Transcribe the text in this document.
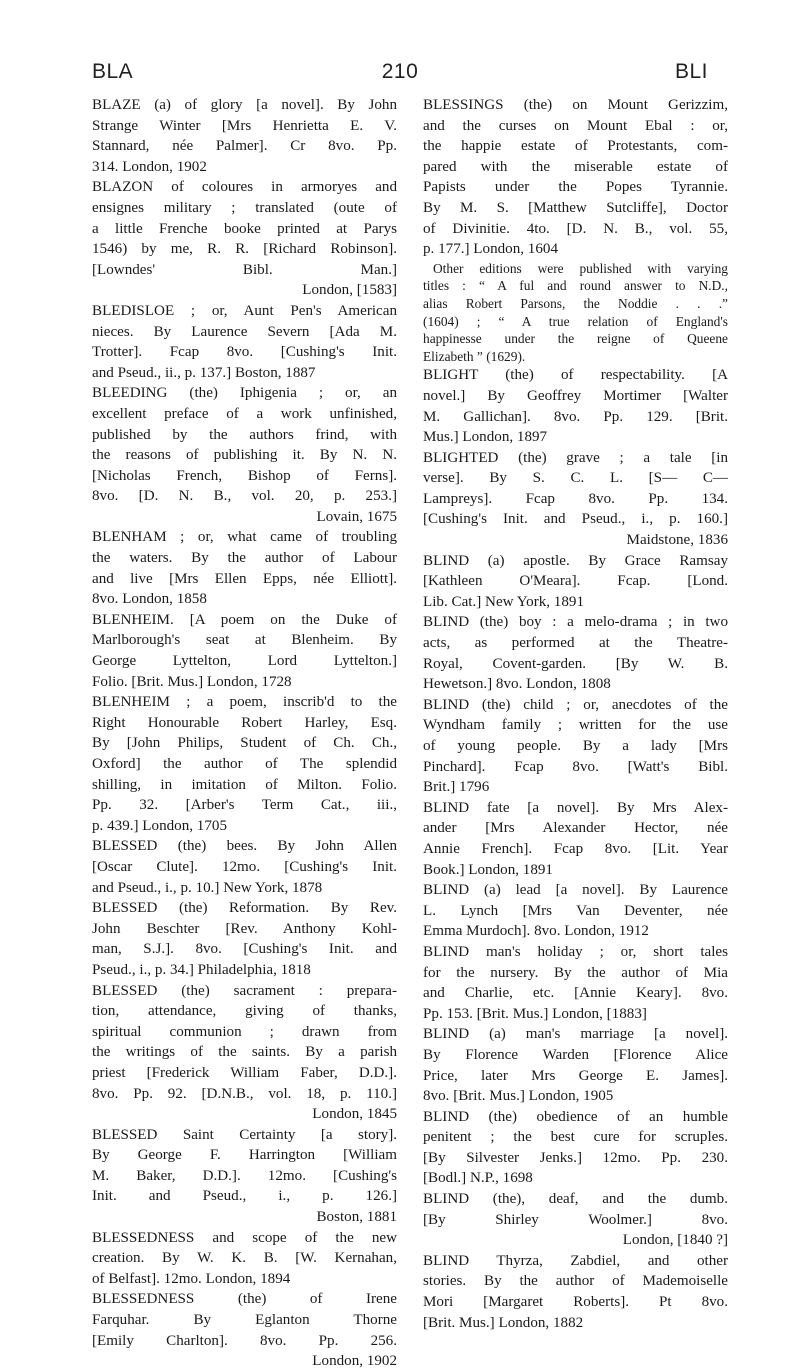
BLA	210	BLI
BLAZE (a) of glory [a novel]. By John
Strange Winter [Mrs Henrietta E. V.
Stannard, née Palmer]. Cr 8vo. Pp.
314. London, 1902
BLAZON of coloures in armoryes and
ensignes military ; translated (oute of
a little Frenche booke printed at Parys
1546) by me, R. R. [Richard Robinson].
[Lowndes' Bibl. Man.]
London, [1583]
BLEDISLOE ; or, Aunt Pen's American
nieces. By Laurence Severn [Ada M.
Trotter]. Fcap 8vo. [Cushing's Init.
and Pseud., ii., p. 137.] Boston, 1887
BLEEDING (the) Iphigenia ; or, an
excellent preface of a work unfinished,
published by the authors frind, with
the reasons of publishing it. By N. N.
[Nicholas French, Bishop of Ferns].
8vo. [D. N. B., vol. 20, p. 253.]
Lovain, 1675
BLENHAM ; or, what came of troubling
the waters. By the author of Labour
and live [Mrs Ellen Epps, née Elliott].
8vo. London, 1858
BLENHEIM. [A poem on the Duke of
Marlborough's seat at Blenheim. By
George Lyttelton, Lord Lyttelton.]
Folio. [Brit. Mus.] London, 1728
BLENHEIM ; a poem, inscrib'd to the
Right Honourable Robert Harley, Esq.
By [John Philips, Student of Ch. Ch.,
Oxford] the author of The splendid
shilling, in imitation of Milton. Folio.
Pp. 32. [Arber's Term Cat., iii.,
p. 439.] London, 1705
BLESSED (the) bees. By John Allen
[Oscar Clute]. 12mo. [Cushing's Init.
and Pseud., i., p. 10.] New York, 1878
BLESSED (the) Reformation. By Rev.
John Beschter [Rev. Anthony Kohl-
man, S.J.]. 8vo. [Cushing's Init. and
Pseud., i., p. 34.] Philadelphia, 1818
BLESSED (the) sacrament : prepara-
tion, attendance, giving of thanks,
spiritual communion ; drawn from
the writings of the saints. By a parish
priest [Frederick William Faber, D.D.].
8vo. Pp. 92. [D.N.B., vol. 18, p. 110.]
London, 1845
BLESSED Saint Certainty [a story].
By George F. Harrington [William
M. Baker, D.D.]. 12mo. [Cushing's
Init. and Pseud., i., p. 126.]
Boston, 1881
BLESSEDNESS and scope of the new
creation. By W. K. B. [W. Kernahan,
of Belfast]. 12mo. London, 1894
BLESSEDNESS (the) of Irene
Farquhar. By Eglanton Thorne
[Emily Charlton]. 8vo. Pp. 256.
London, 1902
BLESSINGS (the) on Mount Gerizzim,
and the curses on Mount Ebal : or,
the happie estate of Protestants, com-
pared with the miserable estate of
Papists under the Popes Tyrannie.
By M. S. [Matthew Sutcliffe], Doctor
of Divinitie. 4to. [D. N. B., vol. 55,
p. 177.] London, 1604
Other editions were published with varying
titles : “ A ful and round answer to N.D.,
alias Robert Parsons, the Noddie . . .”
(1604) ; “ A true relation of England's
happinesse under the reigne of Queene
Elizabeth ” (1629).
BLIGHT (the) of respectability. [A
novel.] By Geoffrey Mortimer [Walter
M. Gallichan]. 8vo. Pp. 129. [Brit.
Mus.] London, 1897
BLIGHTED (the) grave ; a tale [in
verse]. By S. C. L. [S— C—
Lampreys]. Fcap 8vo. Pp. 134.
[Cushing's Init. and Pseud., i., p. 160.]
Maidstone, 1836
BLIND (a) apostle. By Grace Ramsay
[Kathleen O'Meara]. Fcap. [Lond.
Lib. Cat.] New York, 1891
BLIND (the) boy : a melo-drama ; in two
acts, as performed at the Theatre-
Royal, Covent-garden. [By W. B.
Hewetson.] 8vo. London, 1808
BLIND (the) child ; or, anecdotes of the
Wyndham family ; written for the use
of young people. By a lady [Mrs
Pinchard]. Fcap 8vo. [Watt's Bibl.
Brit.] 1796
BLIND fate [a novel]. By Mrs Alex-
ander [Mrs Alexander Hector, née
Annie French]. Fcap 8vo. [Lit. Year
Book.] London, 1891
BLIND (a) lead [a novel]. By Laurence
L. Lynch [Mrs Van Deventer, née
Emma Murdoch]. 8vo. London, 1912
BLIND man's holiday ; or, short tales
for the nursery. By the author of Mia
and Charlie, etc. [Annie Keary]. 8vo.
Pp. 153. [Brit. Mus.] London, [1883]
BLIND (a) man's marriage [a novel].
By Florence Warden [Florence Alice
Price, later Mrs George E. James].
8vo. [Brit. Mus.] London, 1905
BLIND (the) obedience of an humble
penitent ; the best cure for scruples.
[By Silvester Jenks.] 12mo. Pp. 230.
[Bodl.] N.P., 1698
BLIND (the), deaf, and the dumb.
[By Shirley Woolmer.] 8vo.
London, [1840 ?]
BLIND Thyrza, Zabdiel, and other
stories. By the author of Mademoiselle
Mori [Margaret Roberts]. Pt 8vo.
[Brit. Mus.] London, 1882
